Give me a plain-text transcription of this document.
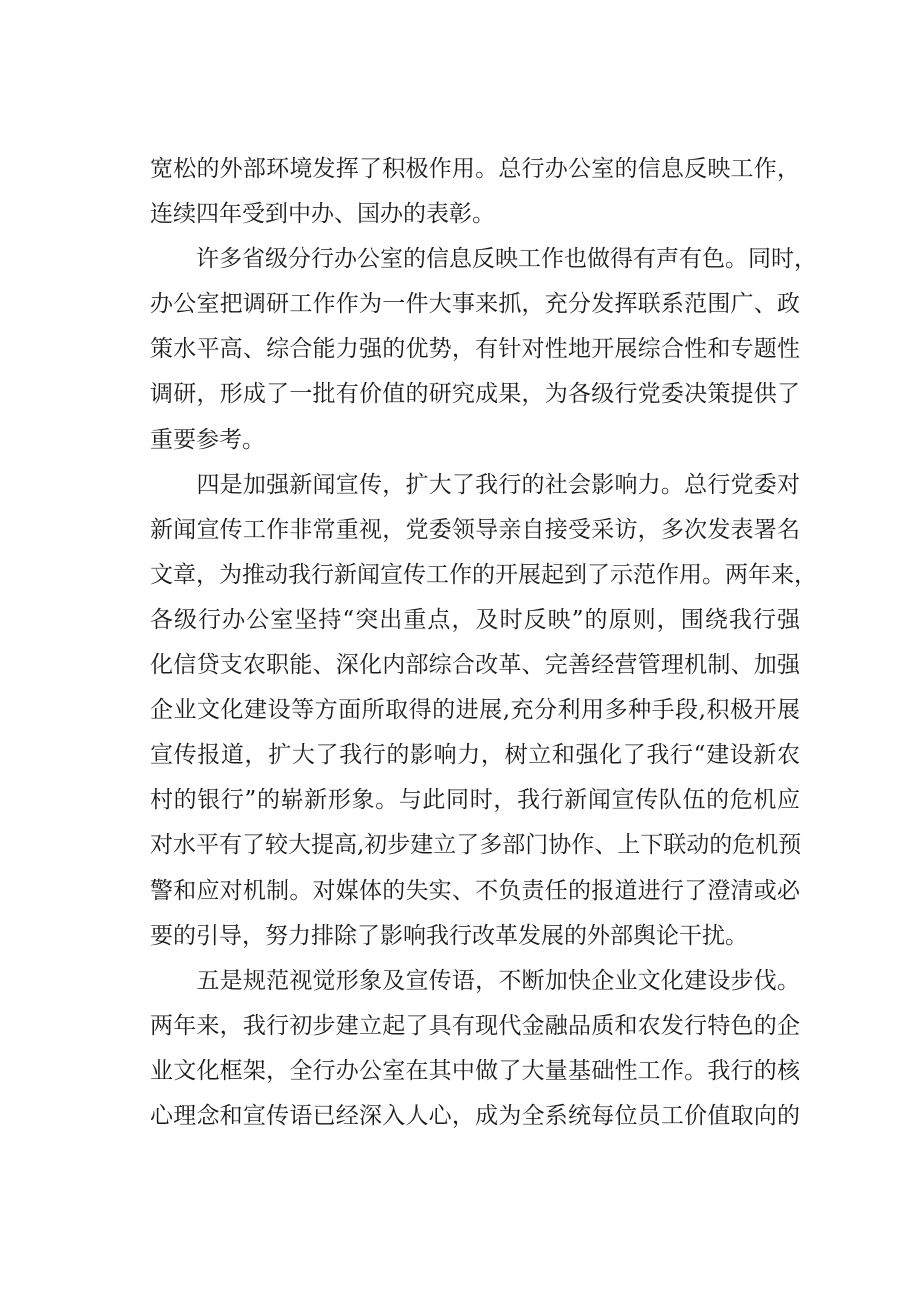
宽松的外部环境发挥了积极作用。总行办公室的信息反映工作，
连续四年受到中办、国办的表彰。
　　许多省级分行办公室的信息反映工作也做得有声有色。同时，
办公室把调研工作作为一件大事来抓，充分发挥联系范围广、政
策水平高、综合能力强的优势，有针对性地开展综合性和专题性
调研，形成了一批有价值的研究成果，为各级行党委决策提供了
重要参考。
　　四是加强新闻宣传，扩大了我行的社会影响力。总行党委对
新闻宣传工作非常重视，党委领导亲自接受采访，多次发表署名
文章，为推动我行新闻宣传工作的开展起到了示范作用。两年来，
各级行办公室坚持“突出重点，及时反映”的原则，围绕我行强
化信贷支农职能、深化内部综合改革、完善经营管理机制、加强
企业文化建设等方面所取得的进展,充分利用多种手段,积极开展
宣传报道，扩大了我行的影响力，树立和强化了我行“建设新农
村的银行”的崭新形象。与此同时，我行新闻宣传队伍的危机应
对水平有了较大提高,初步建立了多部门协作、上下联动的危机预
警和应对机制。对媒体的失实、不负责任的报道进行了澄清或必
要的引导，努力排除了影响我行改革发展的外部舆论干扰。
　　五是规范视觉形象及宣传语，不断加快企业文化建设步伐。
两年来，我行初步建立起了具有现代金融品质和农发行特色的企
业文化框架，全行办公室在其中做了大量基础性工作。我行的核
心理念和宣传语已经深入人心，成为全系统每位员工价值取向的
